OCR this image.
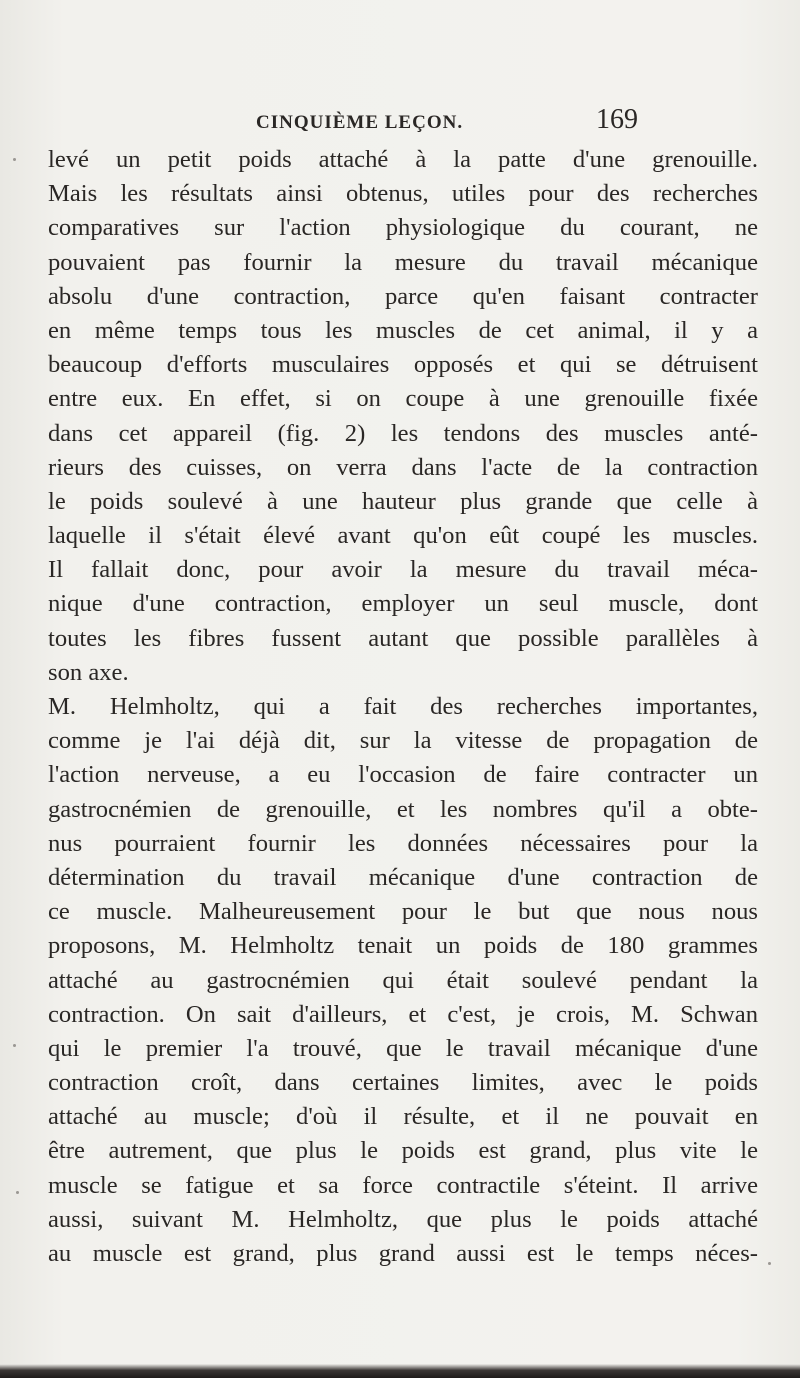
CINQUIÈME LEÇON.	169
levé un petit poids attaché à la patte d'une grenouille.
Mais les résultats ainsi obtenus, utiles pour des recherches
comparatives sur l'action physiologique du courant, ne
pouvaient pas fournir la mesure du travail mécanique
absolu d'une contraction, parce qu'en faisant contracter
en même temps tous les muscles de cet animal, il y a
beaucoup d'efforts musculaires opposés et qui se détruisent
entre eux. En effet, si on coupe à une grenouille fixée
dans cet appareil (fig. 2) les tendons des muscles anté-
rieurs des cuisses, on verra dans l'acte de la contraction
le poids soulevé à une hauteur plus grande que celle à
laquelle il s'était élevé avant qu'on eût coupé les muscles.
Il fallait donc, pour avoir la mesure du travail méca-
nique d'une contraction, employer un seul muscle, dont
toutes les fibres fussent autant que possible parallèles à
son axe.
M. Helmholtz, qui a fait des recherches importantes,
comme je l'ai déjà dit, sur la vitesse de propagation de
l'action nerveuse, a eu l'occasion de faire contracter un
gastrocnémien de grenouille, et les nombres qu'il a obte-
nus pourraient fournir les données nécessaires pour la
détermination du travail mécanique d'une contraction de
ce muscle. Malheureusement pour le but que nous nous
proposons, M. Helmholtz tenait un poids de 180 grammes
attaché au gastrocnémien qui était soulevé pendant la
contraction. On sait d'ailleurs, et c'est, je crois, M. Schwan
qui le premier l'a trouvé, que le travail mécanique d'une
contraction croît, dans certaines limites, avec le poids
attaché au muscle; d'où il résulte, et il ne pouvait en
être autrement, que plus le poids est grand, plus vite le
muscle se fatigue et sa force contractile s'éteint. Il arrive
aussi, suivant M. Helmholtz, que plus le poids attaché
au muscle est grand, plus grand aussi est le temps néces-
